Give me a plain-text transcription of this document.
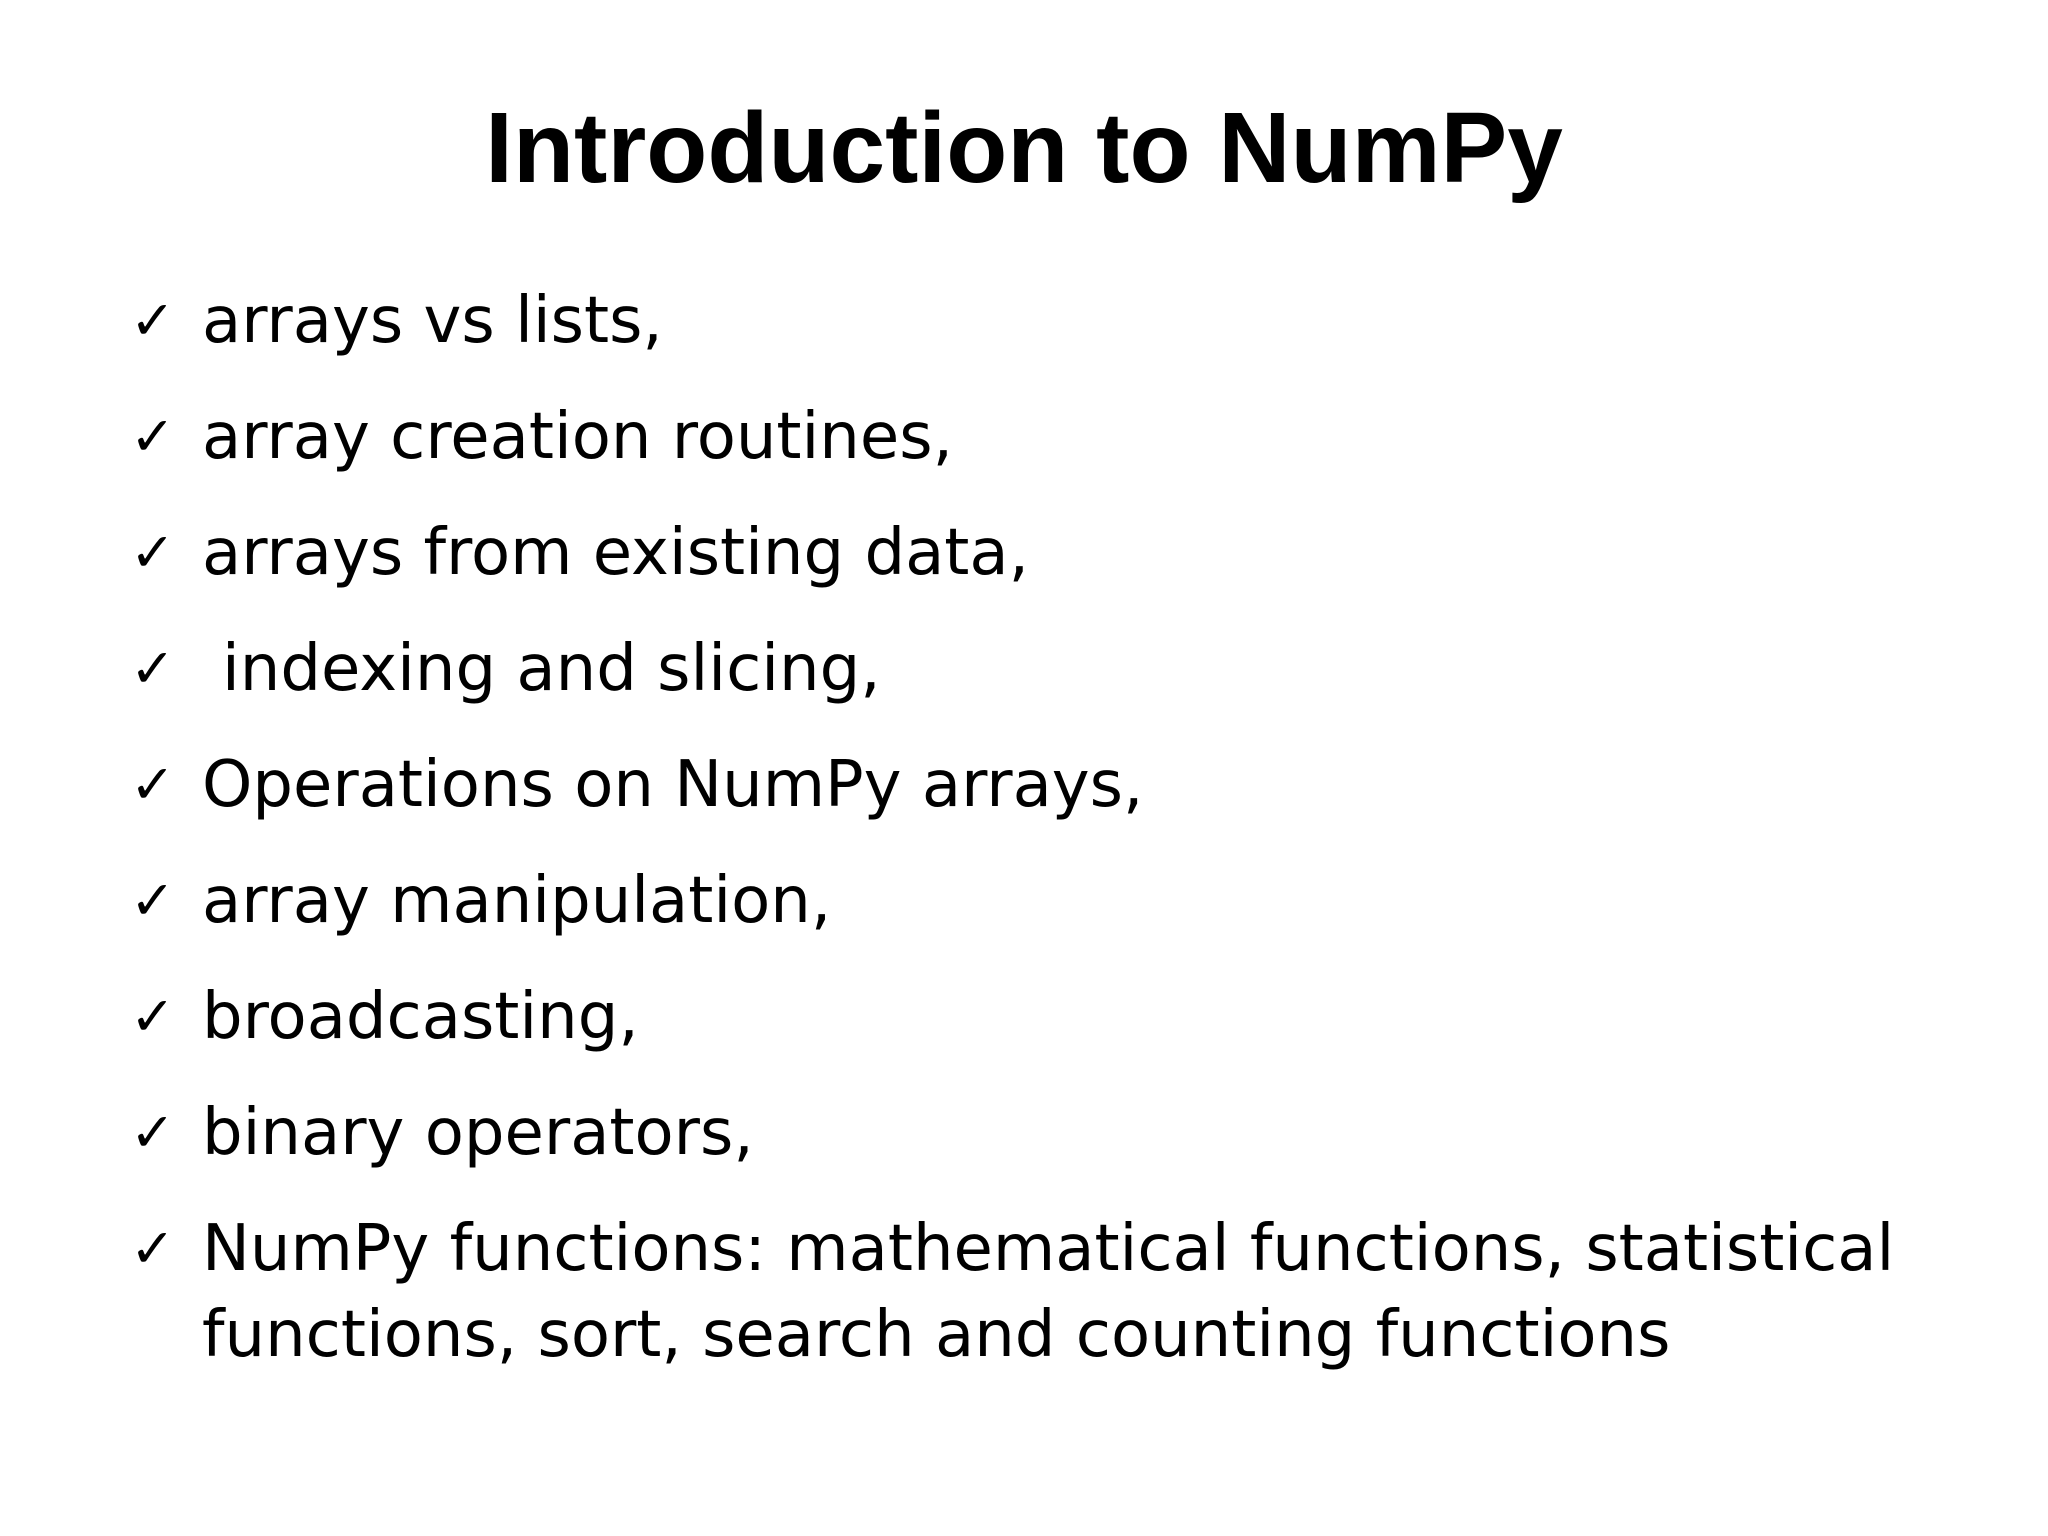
Introduction to NumPy
✓ arrays vs lists,
✓ array creation routines,
✓ arrays from existing data,
✓ indexing and slicing,
✓ Operations on NumPy arrays,
✓ array manipulation,
✓ broadcasting,
✓ binary operators,
✓ NumPy functions: mathematical functions, statistical functions, sort, search and counting functions
